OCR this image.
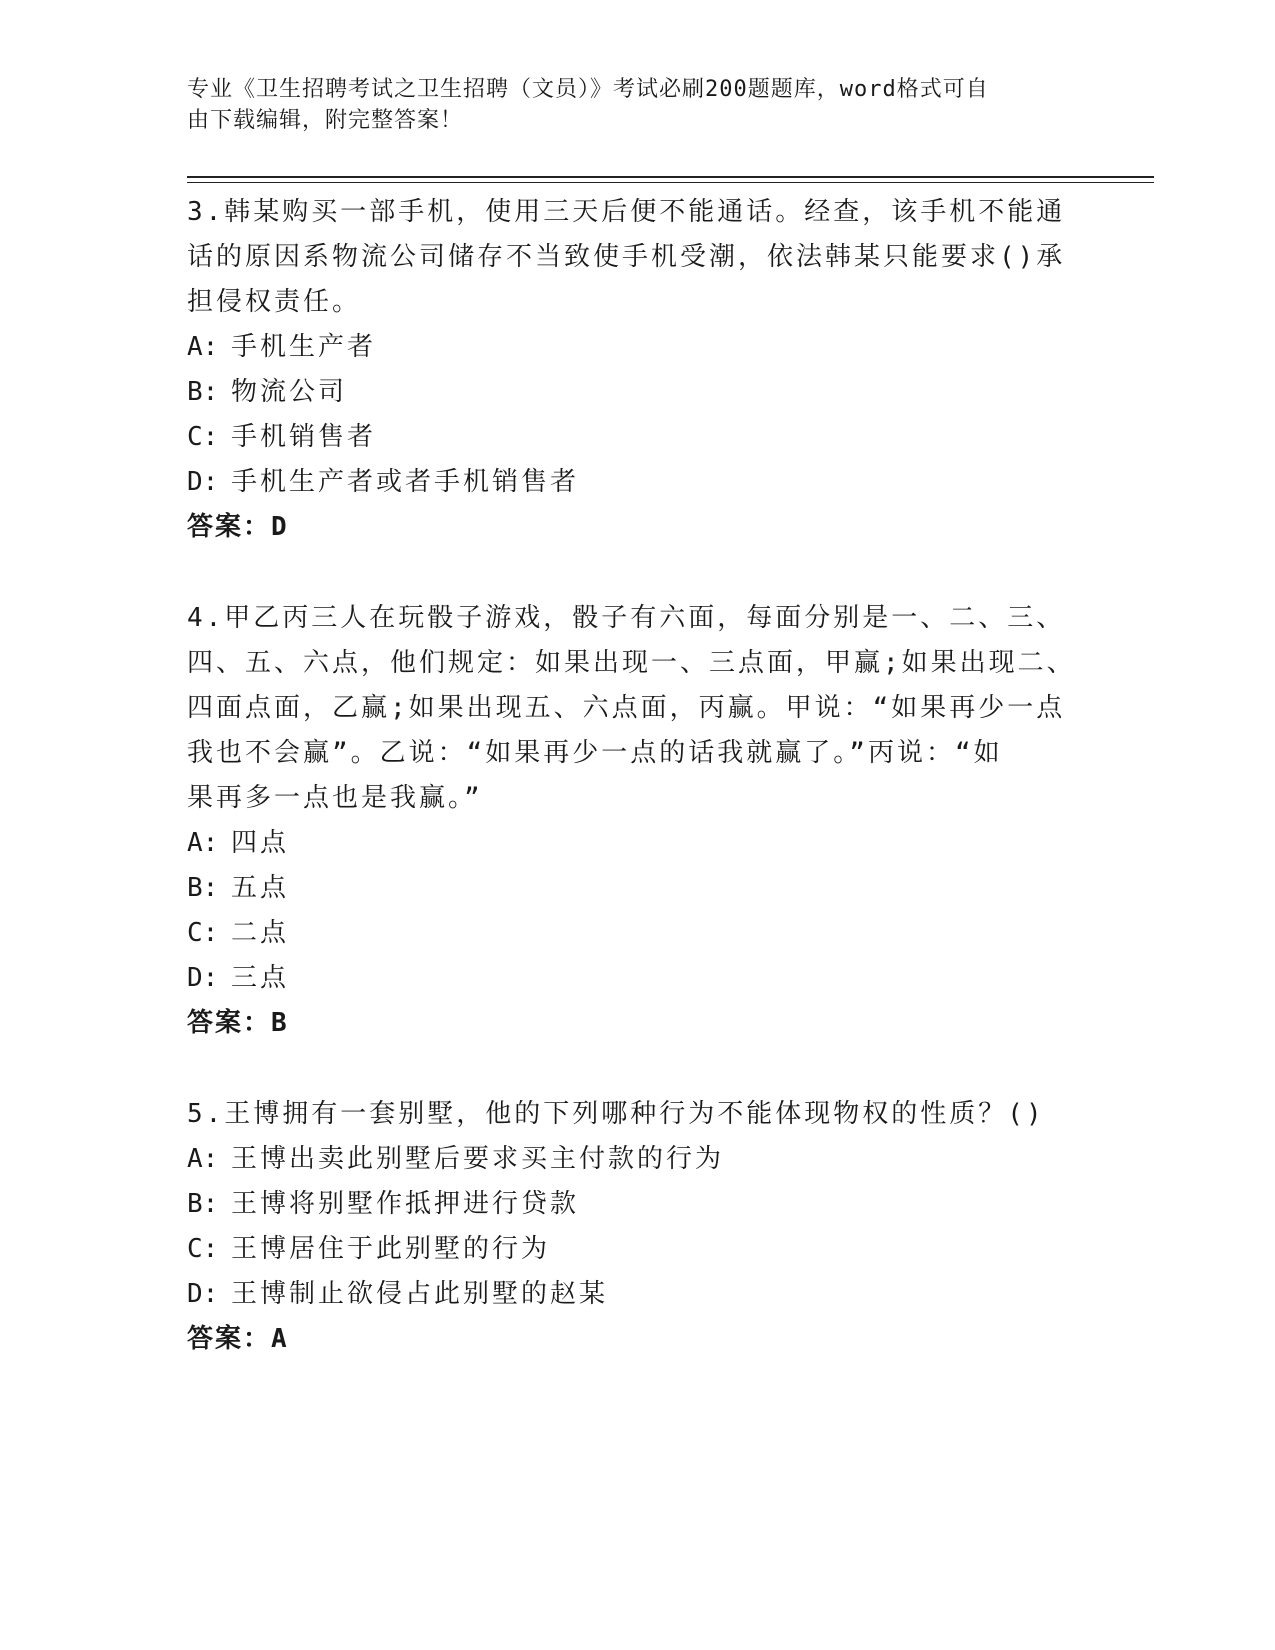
专业《卫生招聘考试之卫生招聘（文员）》考试必刷200题题库，word格式可自
由下载编辑，附完整答案！

3.韩某购买一部手机，使用三天后便不能通话。经查，该手机不能通

话的原因系物流公司储存不当致使手机受潮，依法韩某只能要求()承

担侵权责任。

A: 手机生产者

B: 物流公司

C: 手机销售者

D: 手机生产者或者手机销售者

答案：D

4.甲乙丙三人在玩骰子游戏，骰子有六面，每面分别是一、二、三、

四、五、六点，他们规定：如果出现一、三点面，甲赢;如果出现二、

四面点面，乙赢;如果出现五、六点面，丙赢。甲说：“如果再少一点

我也不会赢”。乙说：“如果再少一点的话我就赢了。”丙说：“如

果再多一点也是我赢。”

A: 四点

B: 五点

C: 二点

D: 三点

答案：B

5.王博拥有一套别墅，他的下列哪种行为不能体现物权的性质？()

A: 王博出卖此别墅后要求买主付款的行为

B: 王博将别墅作抵押进行贷款

C: 王博居住于此别墅的行为

D: 王博制止欲侵占此别墅的赵某

答案：A
